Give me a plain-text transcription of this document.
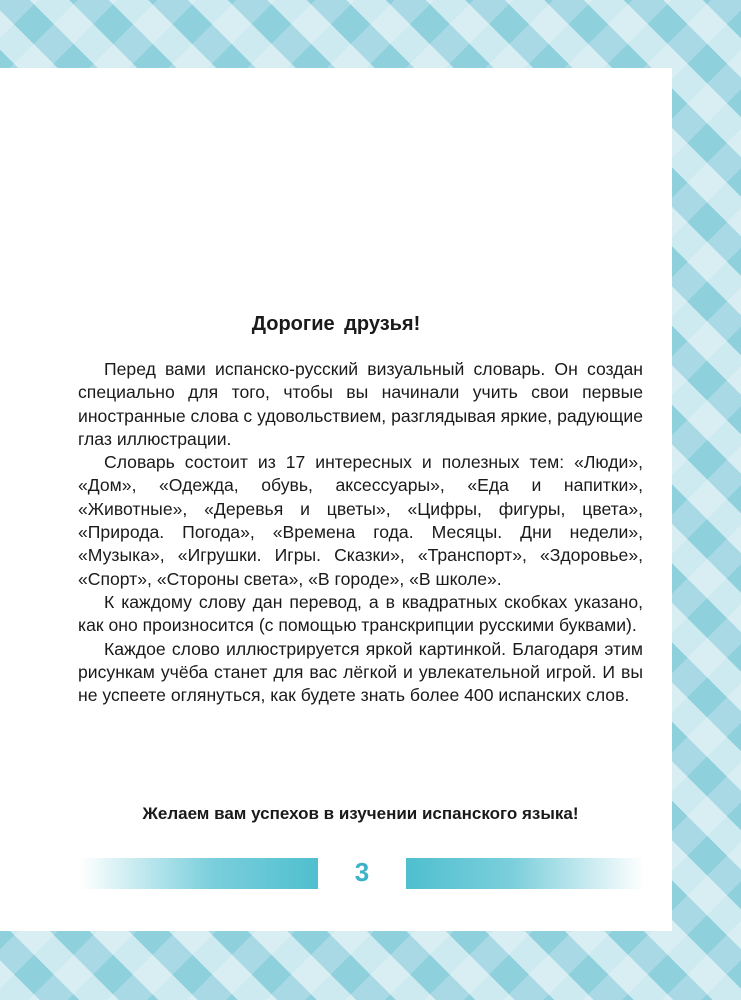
Дорогие друзья!

Перед вами испанско-русский визуальный словарь. Он создан специально для того, чтобы вы начинали учить свои первые иностранные слова с удовольствием, разглядывая яркие, радующие глаз иллюстрации.

Словарь состоит из 17 интересных и полезных тем: «Люди», «Дом», «Одежда, обувь, аксессуары», «Еда и напитки», «Животные», «Деревья и цветы», «Цифры, фигуры, цвета», «Природа. Погода», «Времена года. Месяцы. Дни недели», «Музыка», «Игрушки. Игры. Сказки», «Транспорт», «Здоровье», «Спорт», «Стороны света», «В городе», «В школе».

К каждому слову дан перевод, а в квадратных скобках указано, как оно произносится (с помощью транскрипции русскими буквами).

Каждое слово иллюстрируется яркой картинкой. Благодаря этим рисункам учёба станет для вас лёгкой и увлекательной игрой. И вы не успеете оглянуться, как будете знать более 400 испанских слов.

Желаем вам успехов в изучении испанского языка!
3
